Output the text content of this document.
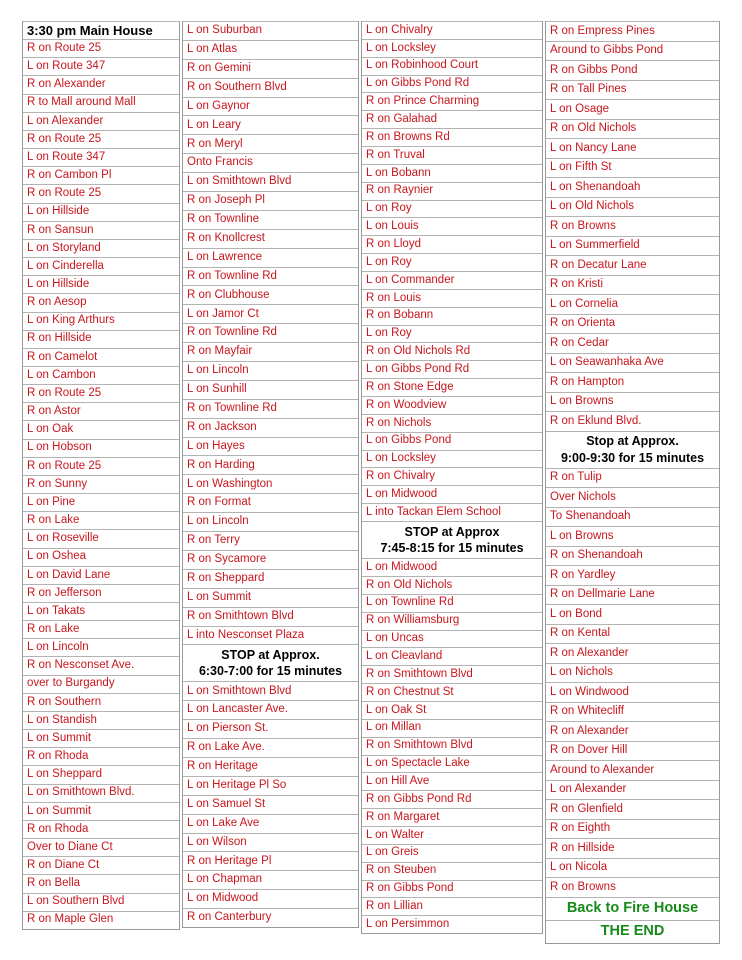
3:30 pm Main House
R on Route 25
L on Route 347
R on Alexander
R to Mall around Mall
L on Alexander
R on Route 25
L on Route 347
R on Cambon Pl
R on Route 25
L on Hillside
R on Sansun
L on Storyland
L on Cinderella
L on Hillside
R on Aesop
L on King Arthurs
R on Hillside
R on Camelot
L on Cambon
R on Route 25
R on Astor
L on Oak
L on Hobson
R on Route 25
R on Sunny
L on Pine
R on Lake
L on Roseville
L on Oshea
L on David Lane
R on Jefferson
L on Takats
R on Lake
L on Lincoln
R on Nesconset Ave.
over to Burgandy
R on Southern
L on Standish
L on Summit
R on Rhoda
L on Sheppard
L on Smithtown Blvd.
L on Summit
R on Rhoda
Over to Diane Ct
R on Diane Ct
R on Bella
L on Southern Blvd
R on Maple Glen
L on Suburban
L on Atlas
R on Gemini
R on Southern Blvd
L on Gaynor
L on Leary
R on Meryl
Onto Francis
L on Smithtown Blvd
R on Joseph Pl
R on Townline
R on Knollcrest
L on Lawrence
R on Townline Rd
R on Clubhouse
L on Jamor Ct
R on Townline Rd
R on Mayfair
L on Lincoln
L on Sunhill
R on Townline Rd
R on Jackson
L on Hayes
R on Harding
L on Washington
R on Format
L on Lincoln
R on Terry
R on Sycamore
R on Sheppard
L on Summit
R on Smithtown Blvd
L into Nesconset Plaza
STOP at Approx.
6:30-7:00 for 15 minutes
L on Smithtown Blvd
L on Lancaster Ave.
L on Pierson St.
R on Lake Ave.
R on Heritage
L on Heritage Pl So
L on Samuel St
L on Lake Ave
L on Wilson
R on Heritage Pl
L on Chapman
L on Midwood
R on Canterbury
L on Chivalry
L on Locksley
L on Robinhood Court
L on Gibbs Pond Rd
R on Prince Charming
R on Galahad
R on Browns Rd
R on Truval
L on Bobann
R on Raynier
L on Roy
L on Louis
R on Lloyd
L on Roy
L on Commander
R on Louis
R on Bobann
L on Roy
R on Old Nichols Rd
L on Gibbs Pond Rd
R on Stone Edge
R on Woodview
R on Nichols
L on Gibbs Pond
L on Locksley
R on Chivalry
L on Midwood
L into Tackan Elem School
STOP at Approx
7:45-8:15 for 15 minutes
L on Midwood
R on Old Nichols
L on Townline Rd
R on Williamsburg
L on Uncas
L on Cleavland
R on Smithtown Blvd
R on Chestnut St
L on Oak St
L on Millan
R on Smithtown Blvd
L on Spectacle Lake
L on Hill Ave
R on Gibbs Pond Rd
R on Margaret
L on Walter
L on Greis
R on Steuben
R on Gibbs Pond
R on Lillian
L on Persimmon
R on Empress Pines
Around to Gibbs Pond
R on Gibbs Pond
R on Tall Pines
L on Osage
R on Old Nichols
L on Nancy Lane
L on Fifth St
L on Shenandoah
L on Old Nichols
R on Browns
L on Summerfield
R on Decatur Lane
R on Kristi
L on Cornelia
R on Orienta
R on Cedar
L on Seawanhaka Ave
R on Hampton
L on Browns
R on Eklund Blvd.
Stop at Approx.
9:00-9:30 for 15 minutes
R on Tulip
Over Nichols
To Shenandoah
L on Browns
R on Shenandoah
R on Yardley
R on Dellmarie Lane
L on Bond
R on Kental
R on Alexander
L on Nichols
L on Windwood
R on Whitecliff
R on Alexander
R on Dover Hill
Around to Alexander
L on Alexander
R on Glenfield
R on Eighth
R on Hillside
L on Nicola
R on Browns
Back to Fire House
THE END
